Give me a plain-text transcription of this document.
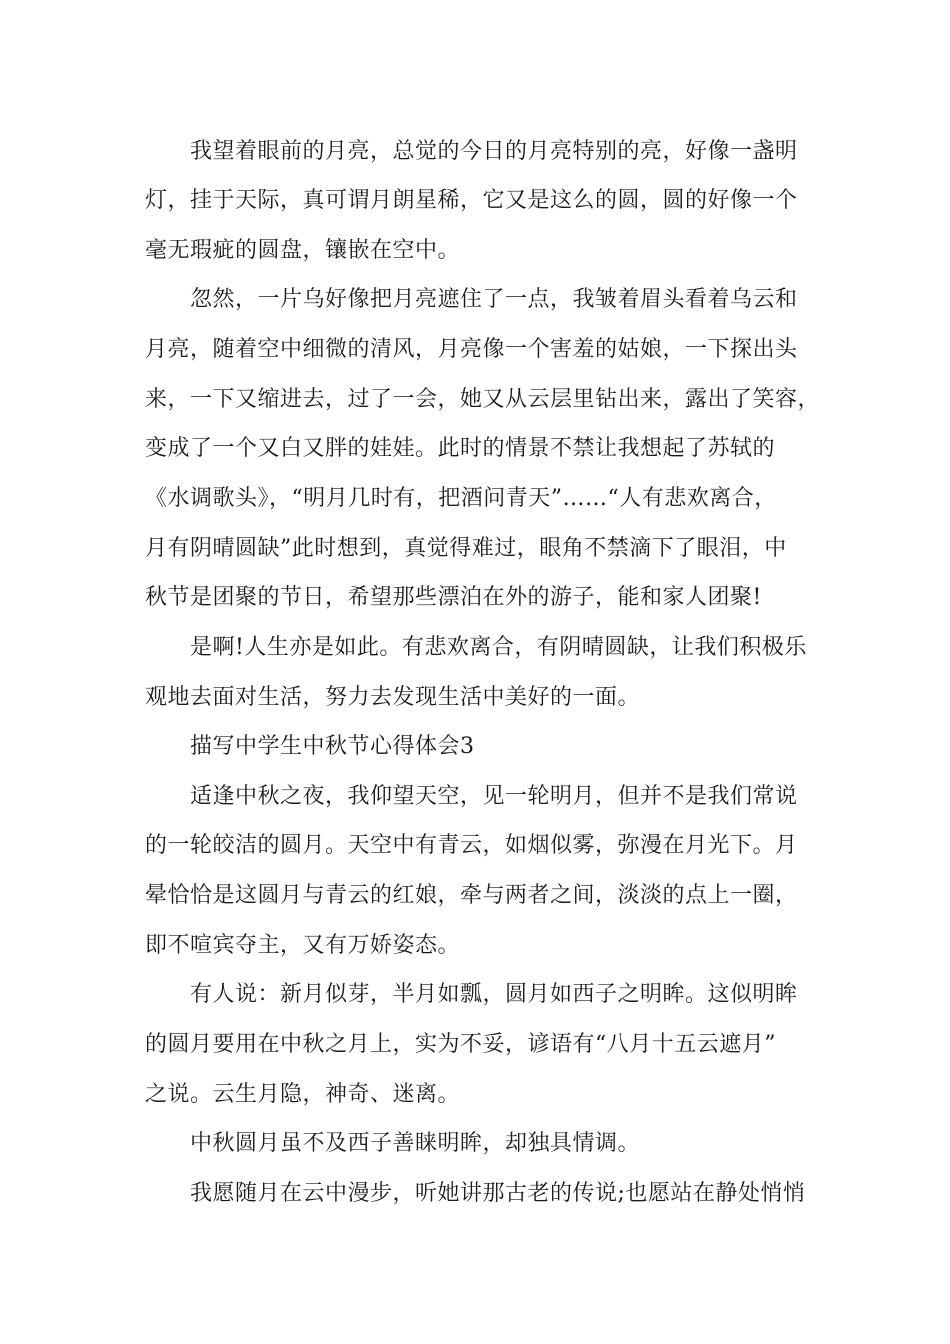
我望着眼前的月亮，总觉的今日的月亮特别的亮，好像一盏明
灯，挂于天际，真可谓月朗星稀，它又是这么的圆，圆的好像一个
毫无瑕疵的圆盘，镶嵌在空中。
忽然，一片乌好像把月亮遮住了一点，我皱着眉头看着乌云和
月亮，随着空中细微的清风，月亮像一个害羞的姑娘，一下探出头
来，一下又缩进去，过了一会，她又从云层里钻出来，露出了笑容，
变成了一个又白又胖的娃娃。此时的情景不禁让我想起了苏轼的
《水调歌头》，“明月几时有，把酒问青天”……“人有悲欢离合，
月有阴晴圆缺”此时想到，真觉得难过，眼角不禁滴下了眼泪，中
秋节是团聚的节日，希望那些漂泊在外的游子，能和家人团聚!
是啊!人生亦是如此。有悲欢离合，有阴晴圆缺，让我们积极乐
观地去面对生活，努力去发现生活中美好的一面。
描写中学生中秋节心得体会3
适逢中秋之夜，我仰望天空，见一轮明月，但并不是我们常说
的一轮皎洁的圆月。天空中有青云，如烟似雾，弥漫在月光下。月
晕恰恰是这圆月与青云的红娘，牵与两者之间，淡淡的点上一圈，
即不喧宾夺主，又有万娇姿态。
有人说：新月似芽，半月如瓢，圆月如西子之明眸。这似明眸
的圆月要用在中秋之月上，实为不妥，谚语有“八月十五云遮月”
之说。云生月隐，神奇、迷离。
中秋圆月虽不及西子善睐明眸，却独具情调。
我愿随月在云中漫步，听她讲那古老的传说;也愿站在静处悄悄
